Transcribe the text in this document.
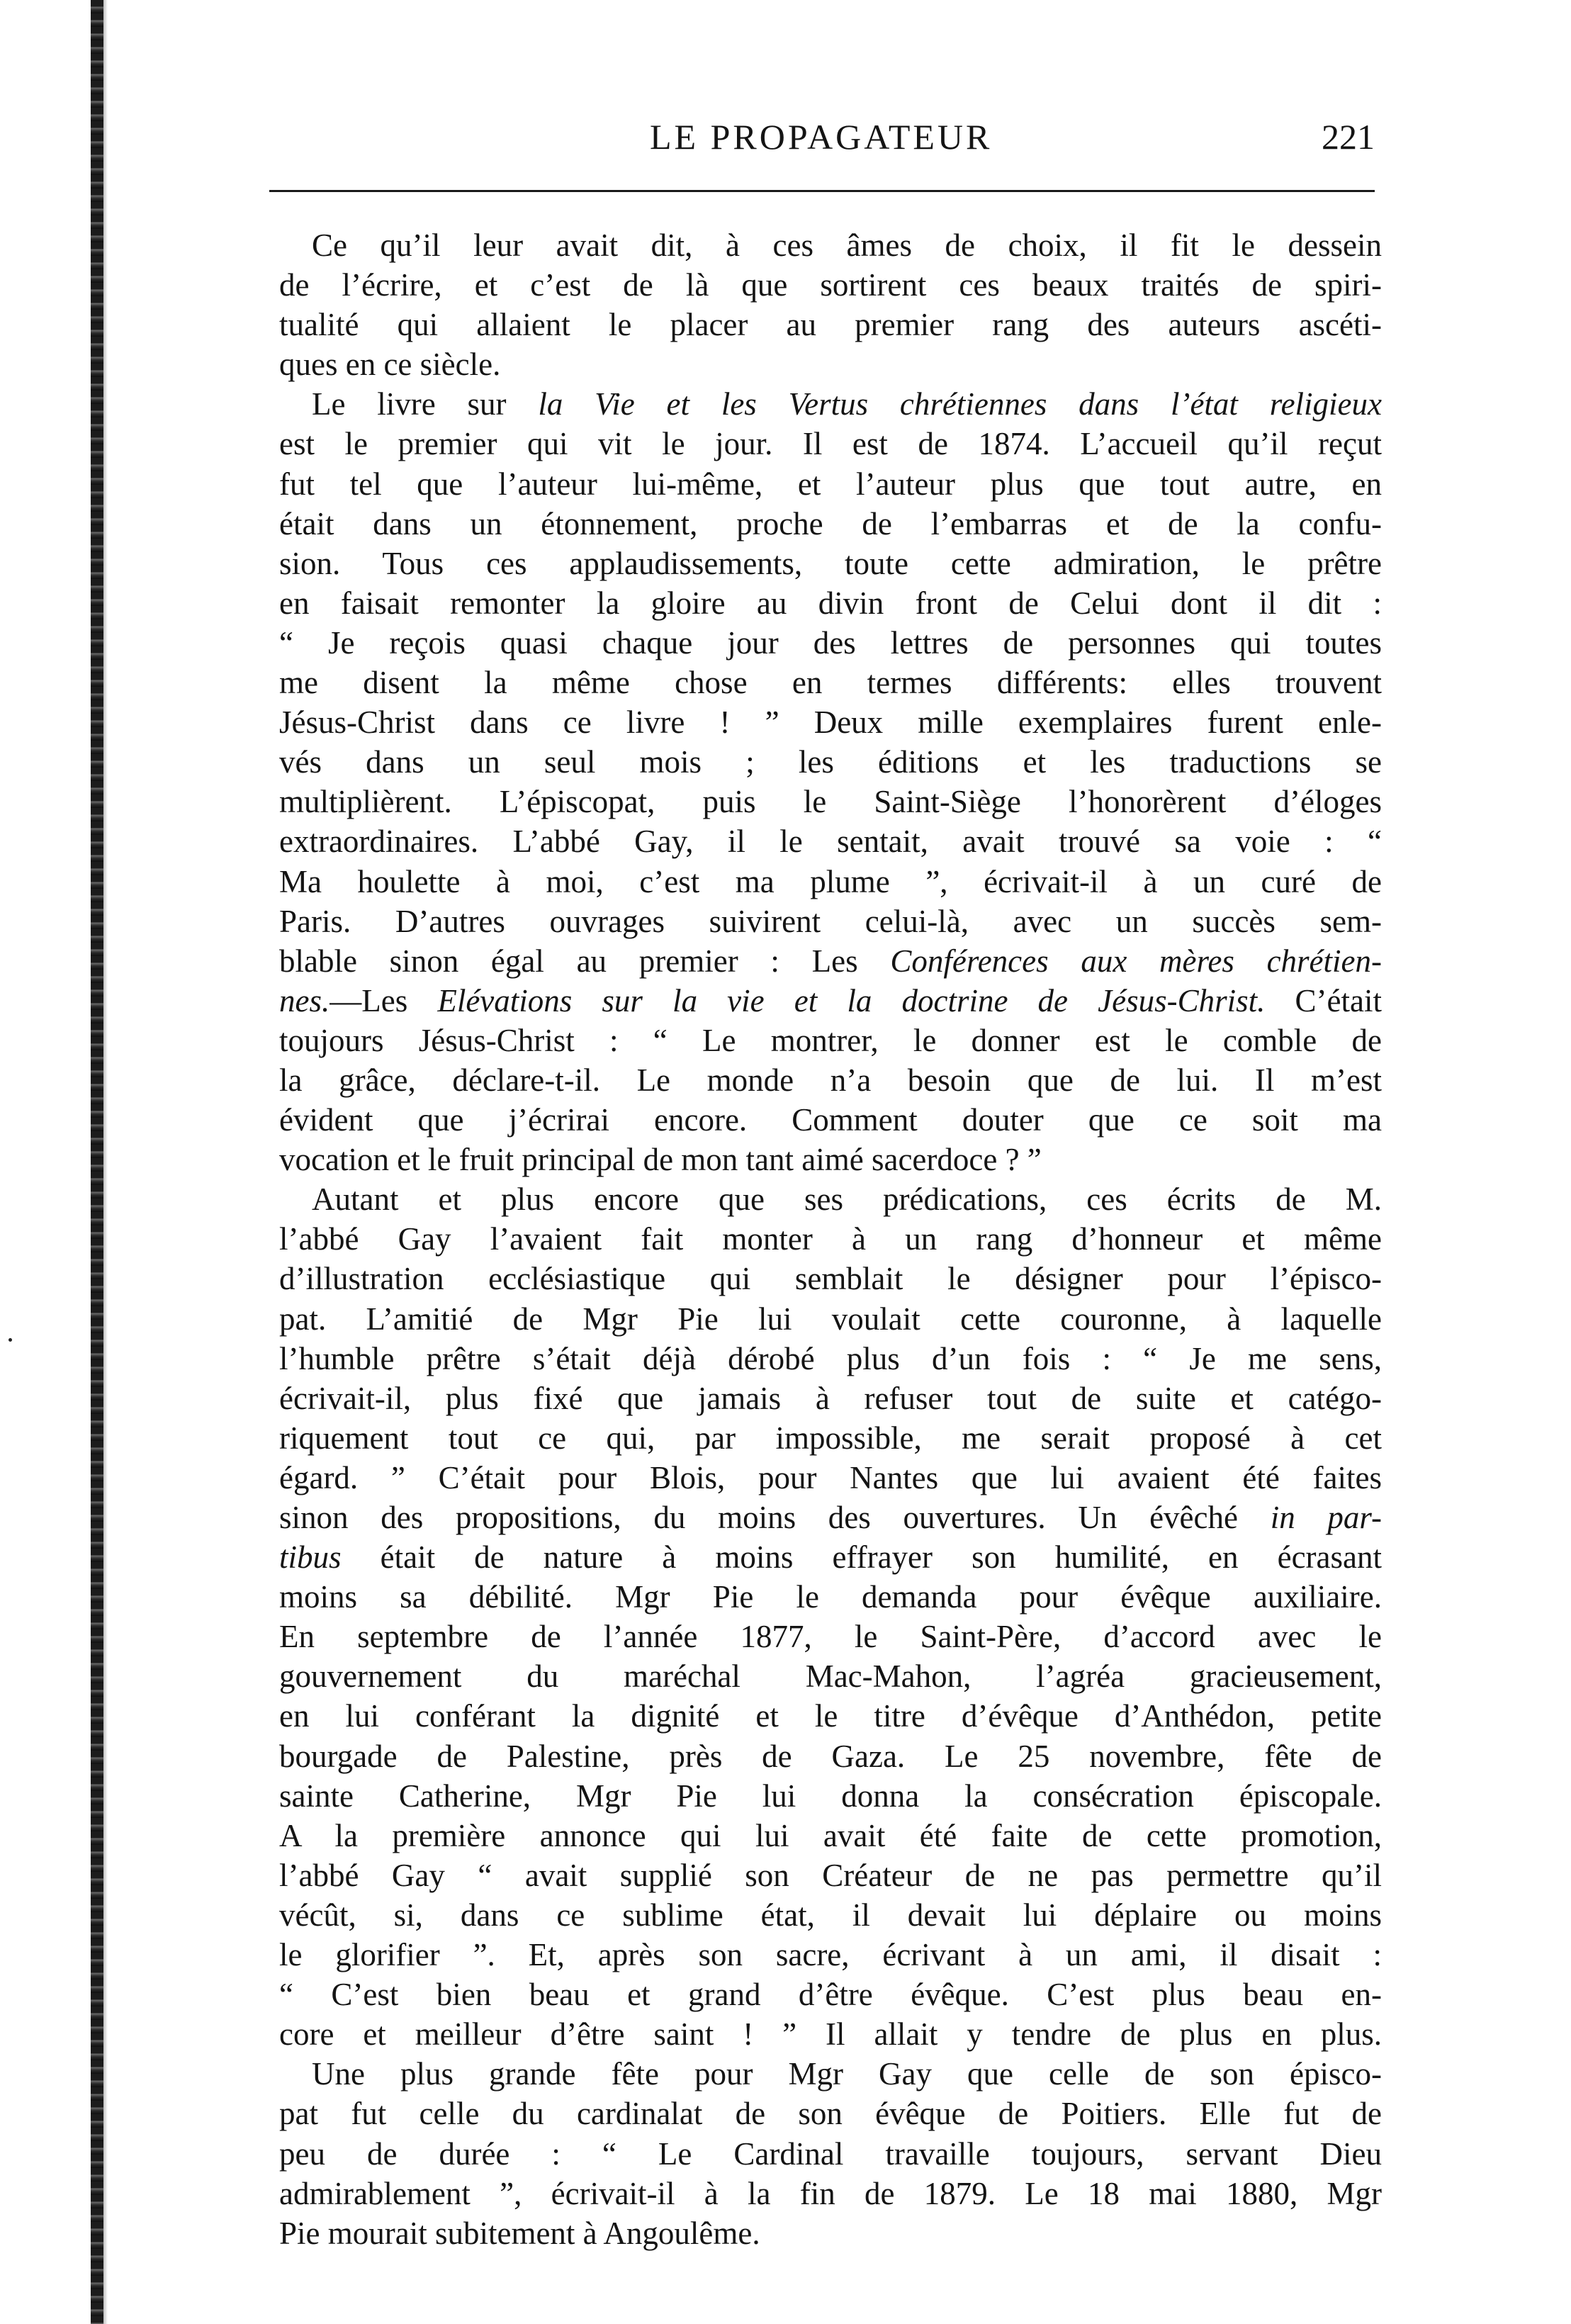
LE PROPAGATEUR	221
Ce qu’il leur avait dit, à ces âmes de choix, il fit le dessein
de l’écrire, et c’est de là que sortirent ces beaux traités de spiri-
tualité qui allaient le placer au premier rang des auteurs ascéti-
ques en ce siècle.
Le livre sur la Vie et les Vertus chrétiennes dans l’état religieux
est le premier qui vit le jour. Il est de 1874. L’accueil qu’il reçut
fut tel que l’auteur lui-même, et l’auteur plus que tout autre, en
était dans un étonnement, proche de l’embarras et de la confu-
sion. Tous ces applaudissements, toute cette admiration, le prêtre
en faisait remonter la gloire au divin front de Celui dont il dit :
“ Je reçois quasi chaque jour des lettres de personnes qui toutes
me disent la même chose en termes différents: elles trouvent
Jésus-Christ dans ce livre ! ” Deux mille exemplaires furent enle-
vés dans un seul mois ; les éditions et les traductions se
multiplièrent. L’épiscopat, puis le Saint-Siège l’honorèrent d’éloges
extraordinaires. L’abbé Gay, il le sentait, avait trouvé sa voie : “
Ma houlette à moi, c’est ma plume ”, écrivait-il à un curé de
Paris. D’autres ouvrages suivirent celui-là, avec un succès sem-
blable sinon égal au premier : Les Conférences aux mères chrétien-
nes.—Les Elévations sur la vie et la doctrine de Jésus-Christ. C’était
toujours Jésus-Christ : “ Le montrer, le donner est le comble de
la grâce, déclare-t-il. Le monde n’a besoin que de lui. Il m’est
évident que j’écrirai encore. Comment douter que ce soit ma
vocation et le fruit principal de mon tant aimé sacerdoce ? ”
Autant et plus encore que ses prédications, ces écrits de M.
l’abbé Gay l’avaient fait monter à un rang d’honneur et même
d’illustration ecclésiastique qui semblait le désigner pour l’épisco-
pat. L’amitié de Mgr Pie lui voulait cette couronne, à laquelle
l’humble prêtre s’était déjà dérobé plus d’un fois : “ Je me sens,
écrivait-il, plus fixé que jamais à refuser tout de suite et catégo-
riquement tout ce qui, par impossible, me serait proposé à cet
égard. ” C’était pour Blois, pour Nantes que lui avaient été faites
sinon des propositions, du moins des ouvertures. Un évêché in par-
tibus était de nature à moins effrayer son humilité, en écrasant
moins sa débilité. Mgr Pie le demanda pour évêque auxiliaire.
En septembre de l’année 1877, le Saint-Père, d’accord avec le
gouvernement du maréchal Mac-Mahon, l’agréa gracieusement,
en lui conférant la dignité et le titre d’évêque d’Anthédon, petite
bourgade de Palestine, près de Gaza. Le 25 novembre, fête de
sainte Catherine, Mgr Pie lui donna la consécration épiscopale.
A la première annonce qui lui avait été faite de cette promotion,
l’abbé Gay “ avait supplié son Créateur de ne pas permettre qu’il
vécût, si, dans ce sublime état, il devait lui déplaire ou moins
le glorifier ”. Et, après son sacre, écrivant à un ami, il disait :
“ C’est bien beau et grand d’être évêque. C’est plus beau en-
core et meilleur d’être saint ! ” Il allait y tendre de plus en plus.
Une plus grande fête pour Mgr Gay que celle de son épisco-
pat fut celle du cardinalat de son évêque de Poitiers. Elle fut de
peu de durée : “ Le Cardinal travaille toujours, servant Dieu
admirablement ”, écrivait-il à la fin de 1879. Le 18 mai 1880, Mgr
Pie mourait subitement à Angoulême.
